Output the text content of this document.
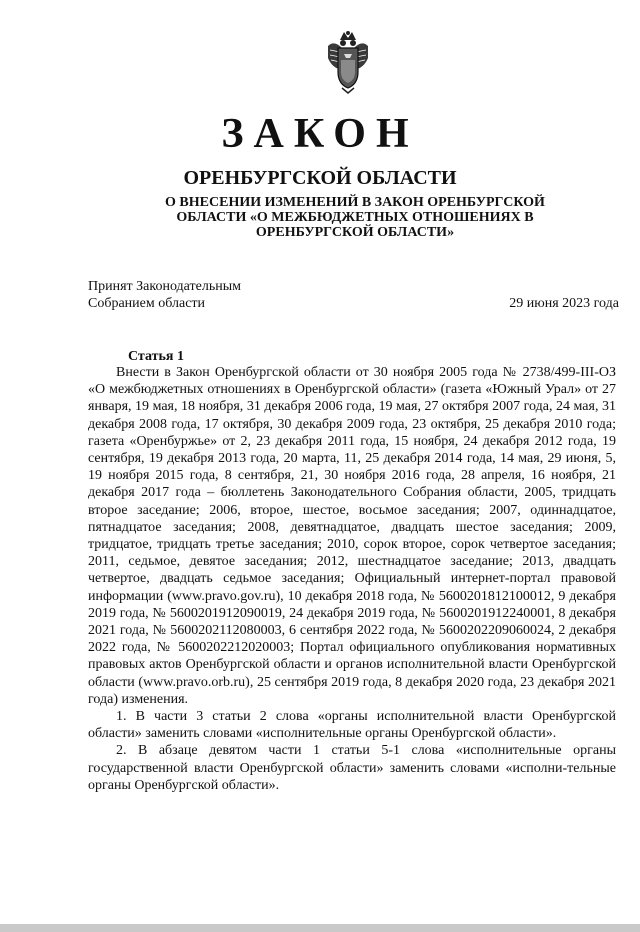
ЗАКОН
ОРЕНБУРГСКОЙ ОБЛАСТИ
О ВНЕСЕНИИ ИЗМЕНЕНИЙ В ЗАКОН ОРЕНБУРГСКОЙ ОБЛАСТИ «О МЕЖБЮДЖЕТНЫХ ОТНОШЕНИЯХ В ОРЕНБУРГСКОЙ ОБЛАСТИ»
Принят Законодательным
Собранием области	29 июня 2023 года
Статья 1

Внести в Закон Оренбургской области от 30 ноября 2005 года № 2738/499-III-ОЗ «О межбюджетных отношениях в Оренбургской области» (газета «Южный Урал» от 27 января, 19 мая, 18 ноября, 31 декабря 2006 года, 19 мая, 27 октября 2007 года, 24 мая, 31 декабря 2008 года, 17 октября, 30 декабря 2009 года, 23 октября, 25 декабря 2010 года; газета «Оренбуржье» от 2, 23 декабря 2011 года, 15 ноября, 24 декабря 2012 года, 19 сентября, 19 декабря 2013 года, 20 марта, 11, 25 декабря 2014 года, 14 мая, 29 июня, 5, 19 ноября 2015 года, 8 сентября, 21, 30 ноября 2016 года, 28 апреля, 16 ноября, 21 декабря 2017 года – бюллетень Законодательного Собрания области, 2005, тридцать второе заседание; 2006, второе, шестое, восьмое заседания; 2007, одиннадцатое, пятнадцатое заседания; 2008, девятнадцатое, двадцать шестое заседания; 2009, тридцатое, тридцать третье заседания; 2010, сорок второе, сорок четвертое заседания; 2011, седьмое, девятое заседания; 2012, шестнадцатое заседание; 2013, двадцать четвертое, двадцать седьмое заседания; Официальный интернет-портал правовой информации (www.pravo.gov.ru), 10 декабря 2018 года, № 5600201812100012, 9 декабря 2019 года, № 5600201912090019, 24 декабря 2019 года, № 5600201912240001, 8 декабря 2021 года, № 5600202112080003, 6 сентября 2022 года, № 5600202209060024, 2 декабря 2022 года, № 5600202212020003; Портал официального опубликования нормативных правовых актов Оренбургской области и органов исполнительной власти Оренбургской области (www.pravo.orb.ru), 25 сентября 2019 года, 8 декабря 2020 года, 23 декабря 2021 года) изменения.

1. В части 3 статьи 2 слова «органы исполнительной власти Оренбургской области» заменить словами «исполнительные органы Оренбургской области».

2. В абзаце девятом части 1 статьи 5-1 слова «исполнительные органы государственной власти Оренбургской области» заменить словами «исполни-тельные органы Оренбургской области».
